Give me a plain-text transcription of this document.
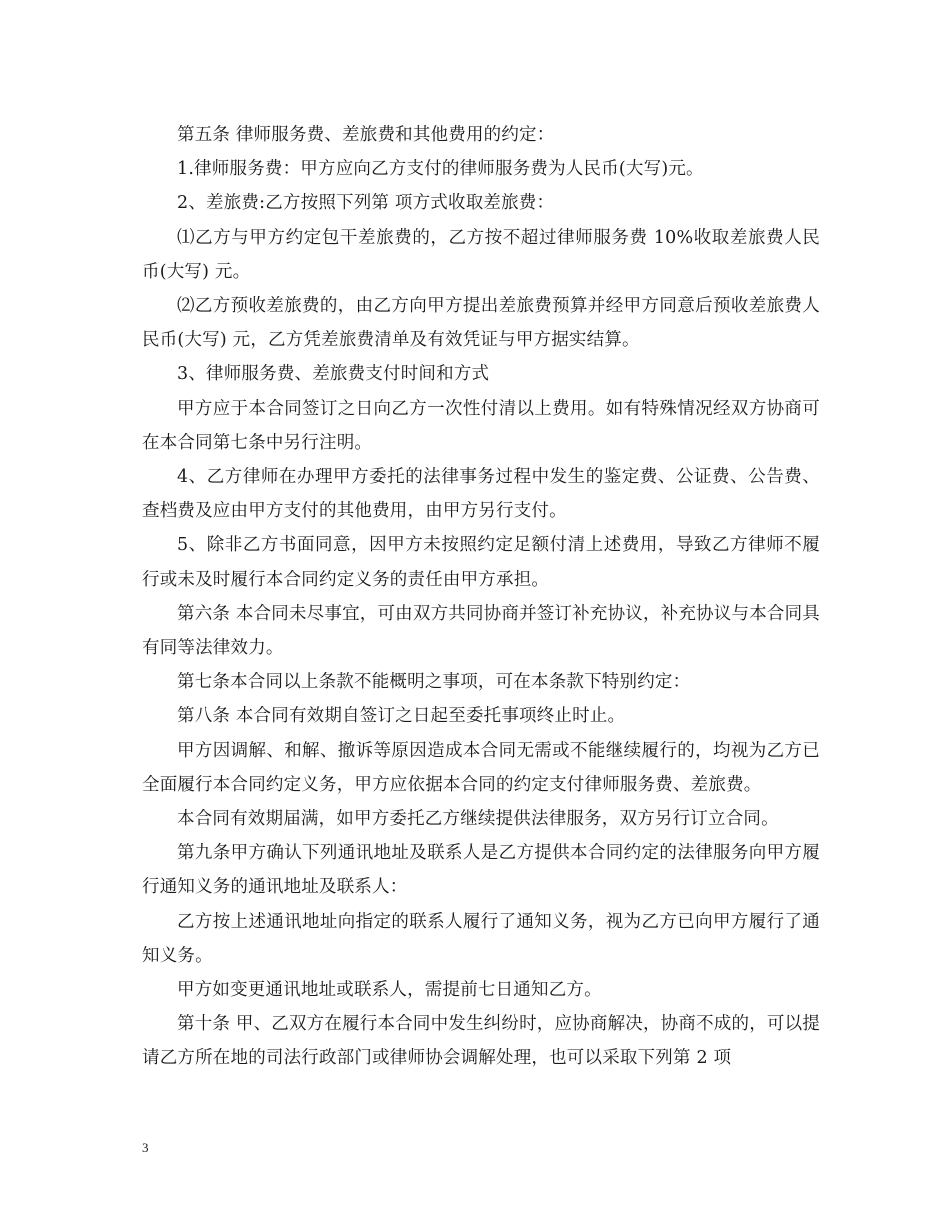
第五条 律师服务费、差旅费和其他费用的约定：

1.律师服务费：甲方应向乙方支付的律师服务费为人民币(大写)元。

2、差旅费:乙方按照下列第 项方式收取差旅费：

⑴乙方与甲方约定包干差旅费的，乙方按不超过律师服务费 10%收取差旅费人民币(大写) 元。

⑵乙方预收差旅费的，由乙方向甲方提出差旅费预算并经甲方同意后预收差旅费人民币(大写) 元，乙方凭差旅费清单及有效凭证与甲方据实结算。

3、律师服务费、差旅费支付时间和方式

甲方应于本合同签订之日向乙方一次性付清以上费用。如有特殊情况经双方协商可在本合同第七条中另行注明。

4、乙方律师在办理甲方委托的法律事务过程中发生的鉴定费、公证费、公告费、查档费及应由甲方支付的其他费用，由甲方另行支付。

5、除非乙方书面同意，因甲方未按照约定足额付清上述费用，导致乙方律师不履行或未及时履行本合同约定义务的责任由甲方承担。

第六条 本合同未尽事宜，可由双方共同协商并签订补充协议，补充协议与本合同具有同等法律效力。

第七条本合同以上条款不能概明之事项，可在本条款下特别约定：

第八条 本合同有效期自签订之日起至委托事项终止时止。

甲方因调解、和解、撤诉等原因造成本合同无需或不能继续履行的，均视为乙方已全面履行本合同约定义务，甲方应依据本合同的约定支付律师服务费、差旅费。

本合同有效期届满，如甲方委托乙方继续提供法律服务，双方另行订立合同。

第九条甲方确认下列通讯地址及联系人是乙方提供本合同约定的法律服务向甲方履行通知义务的通讯地址及联系人：

乙方按上述通讯地址向指定的联系人履行了通知义务，视为乙方已向甲方履行了通知义务。

甲方如变更通讯地址或联系人，需提前七日通知乙方。

第十条 甲、乙双方在履行本合同中发生纠纷时，应协商解决，协商不成的，可以提请乙方所在地的司法行政部门或律师协会调解处理，也可以采取下列第 2 项

3
